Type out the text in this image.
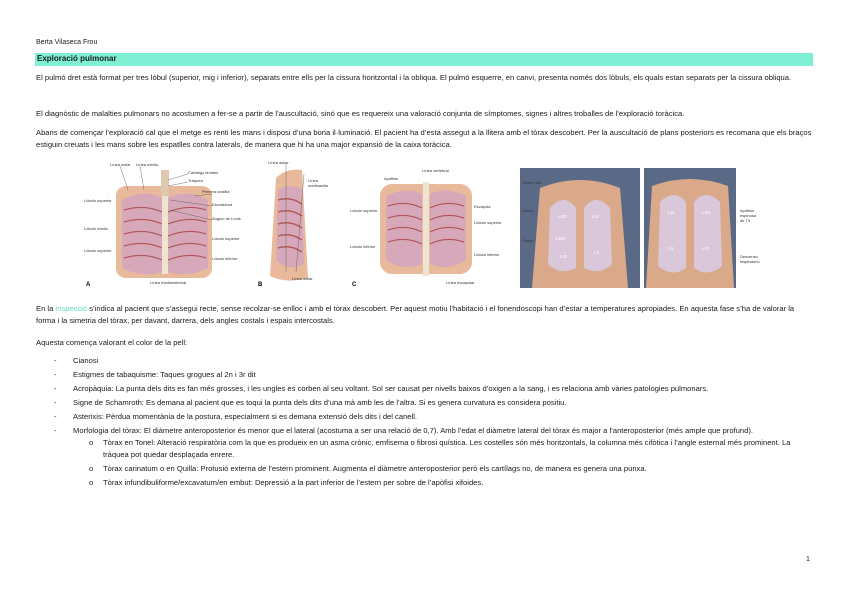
Berta Vilaseca Frou
Exploració pulmonar

El pulmó dret està format per tres lòbul (superior, mig i inferior), separats entre ells per la cissura horitzontal i la obliqua. El pulmó esquerre, en canvi, presenta només dos lòbuls, els quals estan separats per la cissura obliqua.

El diagnòstic de malalties pulmonars no acostumen a fer-se a partir de l’auscultació, sinó que es requereix una valoració conjunta de símptomes, signes i altres troballes de l’exploració toràcica.

Abans de començar l’exploració cal que el metge es renti les mans i disposi d’una bona il·luminació. El pacient ha d’esta assegut a la llitera amb el tòrax descobert. Per la auscultació de plans posteriors es recomana que els braços estiguin creuats i les mans sobre les espatlles contra laterals, de manera que hi ha una major expansió de la caixa toràcica.

Línea axilar Línea medio-
Cartílago tiroides
Tráquea
Primera costilla
Escotadura
Ángulo de Louis
Lóbulo superior
Lóbulo medio
Lóbulo superior
Lóbulo superior
Lóbulo inferior
Línea medioesternal
A
Línea axilar
Línea
medioaxilar
Línea axilar
B
Apófisis
Línea vertebral
Escápula
Lóbulo superior
Lóbulo inferior
Lóbulo superior
Lóbulo inferior
Línea escapular
C
Vértice del
Cisura
Cisura
LSD	LSI
LMD
LID
LII
LSI	LSD
LII	LID
Apófisis
espinosa
de T3
Descenso
inspiratorio

En la inspecció s’indica al pacient que s’assegui recte, sense recolzar-se enlloc i amb el tòrax descobert. Per aquest motiu l’habitació i el fonendoscopi han d’estar a temperatures apropiades. En aquesta fase s’ha de valorar la forma i la simetria del tòrax, per davant, darrera, dels angles costals i espais intercostals.

Aquesta comença valorant el color de la pell:

- Cianosi
- Estigmes de tabaquisme: Taques grogues al 2n i 3r dit
- Acropàquia: La punta dels dits es fan més grosses, i les ungles es corben al seu voltant. Sol ser causat per nivells baixos d’oxigen a la sang, i es relaciona amb vàries patologies pulmonars.
- Signe de Schamroth: Es demana al pacient que es toqui la punta dels dits d’una mà amb les de l’altra. Si es genera curvatura es considera positiu.
- Asterixis: Pèrdua momentània de la postura, especialment si es demana extensió dels dits i del canell.
- Morfologia del tòrax: El diàmetre anteroposterior és menor que el lateral (acostuma a ser una relació de 0,7). Amb l’edat el diàmetre lateral del tòrax és major a l’anteroposterior (més ample que profund).
o Tòrax en Tonel: Alteració respiratòria com la que es produeix en un asma crònic, emfisema o fibrosi quística. Les costelles són més horitzontals, la columna més cifòtica i l’angle esternal més prominent. La tràquea pot quedar desplaçada enrere.
o Tòrax carinatum o en Quilla: Protusió externa de l’estern prominent. Augmenta el diàmetre anteroposterior però els cartílags no, de manera es genera una punxa.
o Tòrax infundibuliforme/excavatum/en embut: Depressió a la part inferior de l’estern per sobre de l’apòfisi xifoides.
1
